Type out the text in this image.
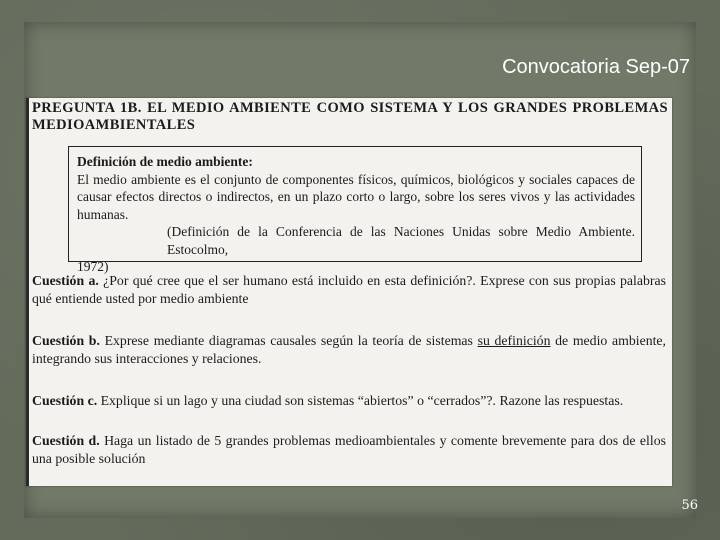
Convocatoria Sep-07

PREGUNTA 1B. EL MEDIO AMBIENTE COMO SISTEMA Y LOS GRANDES PROBLEMAS MEDIOAMBIENTALES

Definición de medio ambiente:

El medio ambiente es el conjunto de componentes físicos, químicos, biológicos y sociales capaces de causar efectos directos o indirectos, en un plazo corto o largo, sobre los seres vivos y las actividades humanas.

(Definición de la Conferencia de las Naciones Unidas sobre Medio Ambiente. Estocolmo,

1972)

Cuestión a. ¿Por qué cree que el ser humano está incluido en esta definición?. Exprese con sus propias palabras qué entiende usted por medio ambiente

Cuestión b. Exprese mediante diagramas causales según la teoría de sistemas su definición de medio ambiente, integrando sus interacciones y relaciones.

Cuestión c. Explique si un lago y una ciudad son sistemas “abiertos” o “cerrados”?. Razone las respuestas.

Cuestión d. Haga un listado de 5 grandes problemas medioambientales y comente brevemente para dos de ellos una posible solución

56
